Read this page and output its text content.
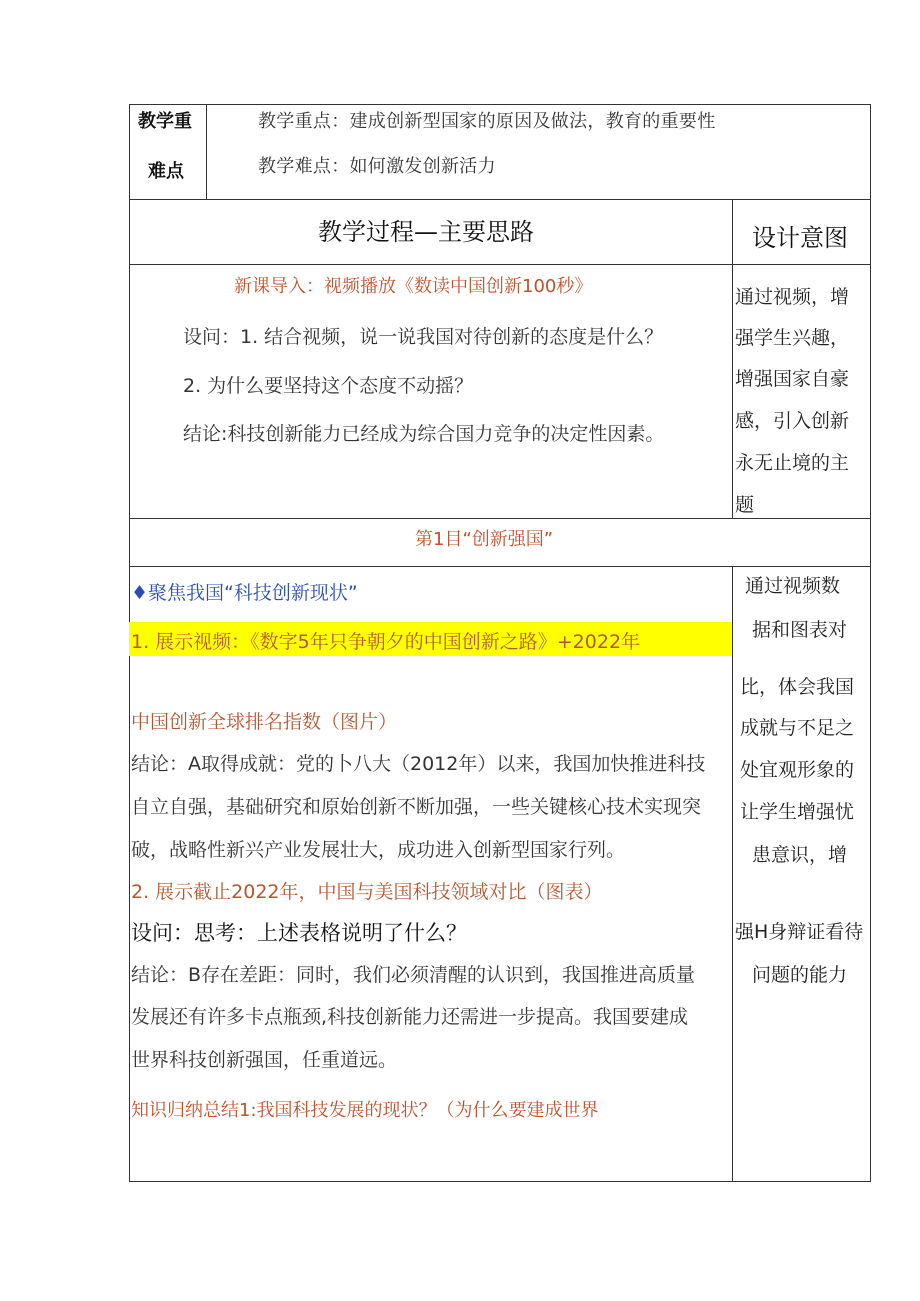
教学重
难点
教学重点：建成创新型国家的原因及做法，教育的重要性
教学难点：如何激发创新活力
教学过程—主要思路	设计意图
新课导入：视频播放《数读中国创新100秒》
设问：1. 结合视频，说一说我国对待创新的态度是什么？
2. 为什么要坚持这个态度不动摇？
结论:科技创新能力已经成为综合国力竞争的决定性因素。
通过视频，增
强学生兴趣，
增强国家自豪
感，引入创新
永无止境的主
题
第1目“创新强国”
♦聚焦我国“科技创新现状”
1. 展示视频：《数字5年只争朝夕的中国创新之路》+2022年
中国创新全球排名指数（图片）
结论：A取得成就：党的卜八大（2012年）以来，我国加快推进科技
自立自强，基础研究和原始创新不断加强，一些关键核心技术实现突
破，战略性新兴产业发展壮大，成功进入创新型国家行列。
2. 展示截止2022年，中国与美国科技领域对比（图表）
设问：思考：上述表格说明了什么？
结论：B存在差距：同时，我们必须清醒的认识到，我国推进高质量
发展还有许多卡点瓶颈,科技创新能力还需进一步提高。我国要建成
世界科技创新强国，任重道远。
知识归纳总结1:我国科技发展的现状？（为什么要建成世界
通过视频数
据和图表对
比，体会我国
成就与不足之
处宜观形象的
让学生增强忧
患意识，增
强H身辩证看待
问题的能力
